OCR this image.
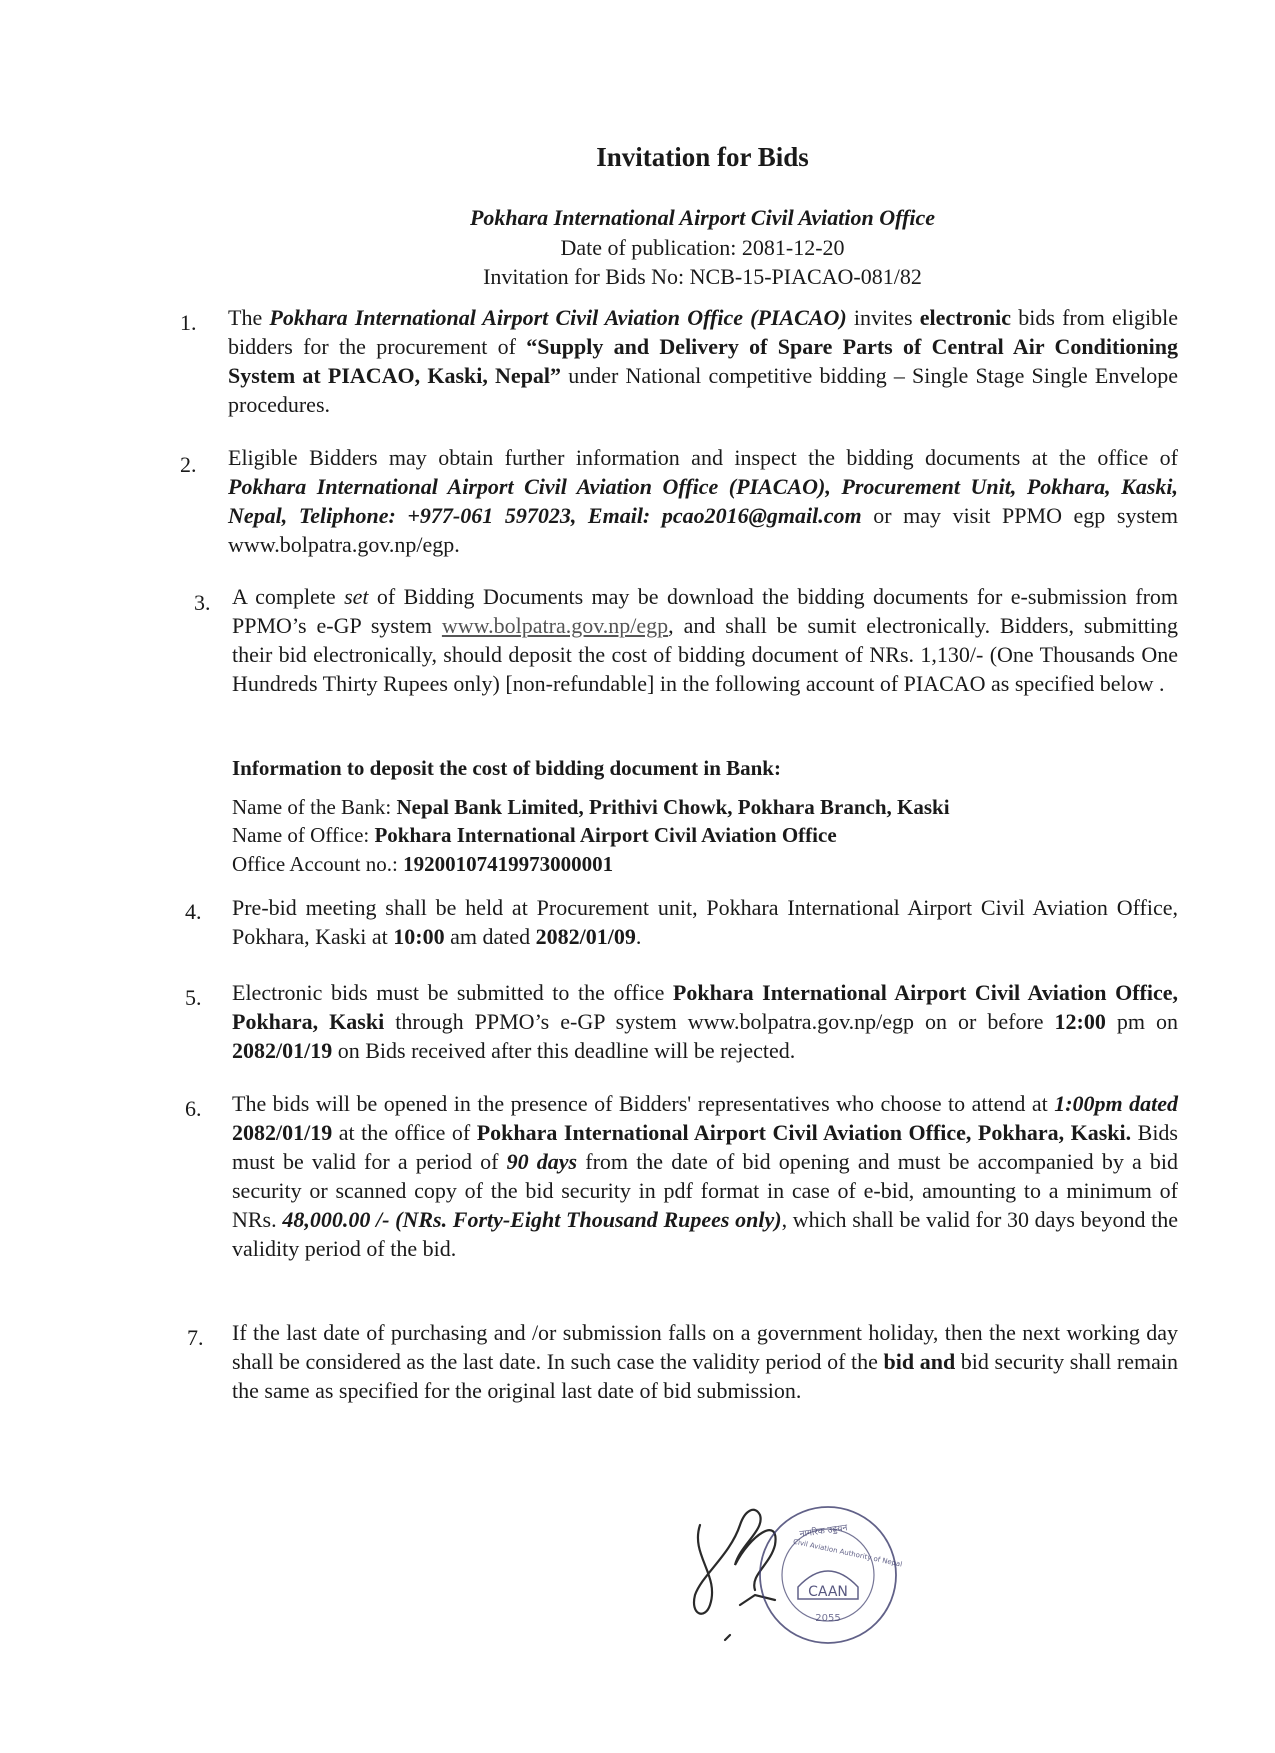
Invitation for Bids
Pokhara International Airport Civil Aviation Office
Date of publication: 2081-12-20
Invitation for Bids No: NCB-15-PIACAO-081/82
1. The Pokhara International Airport Civil Aviation Office (PIACAO) invites electronic bids from eligible bidders for the procurement of “Supply and Delivery of Spare Parts of Central Air Conditioning System at PIACAO, Kaski, Nepal” under National competitive bidding – Single Stage Single Envelope procedures.
2. Eligible Bidders may obtain further information and inspect the bidding documents at the office of Pokhara International Airport Civil Aviation Office (PIACAO), Procurement Unit, Pokhara, Kaski, Nepal, Teliphone: +977-061 597023, Email: pcao2016@gmail.com or may visit PPMO egp system www.bolpatra.gov.np/egp.
3. A complete set of Bidding Documents may be download the bidding documents for e-submission from PPMO’s e-GP system www.bolpatra.gov.np/egp, and shall be sumit electronically. Bidders, submitting their bid electronically, should deposit the cost of bidding document of NRs. 1,130/- (One Thousands One Hundreds Thirty Rupees only) [non-refundable] in the following account of PIACAO as specified below .
Information to deposit the cost of bidding document in Bank:
Name of the Bank: Nepal Bank Limited, Prithivi Chowk, Pokhara Branch, Kaski
Name of Office: Pokhara International Airport Civil Aviation Office
Office Account no.: 19200107419973000001
4. Pre-bid meeting shall be held at Procurement unit, Pokhara International Airport Civil Aviation Office, Pokhara, Kaski at 10:00 am dated 2082/01/09.
5. Electronic bids must be submitted to the office Pokhara International Airport Civil Aviation Office, Pokhara, Kaski through PPMO’s e-GP system www.bolpatra.gov.np/egp on or before 12:00 pm on 2082/01/19 on Bids received after this deadline will be rejected.
6. The bids will be opened in the presence of Bidders' representatives who choose to attend at 1:00pm dated 2082/01/19 at the office of Pokhara International Airport Civil Aviation Office, Pokhara, Kaski. Bids must be valid for a period of 90 days from the date of bid opening and must be accompanied by a bid security or scanned copy of the bid security in pdf format in case of e-bid, amounting to a minimum of NRs. 48,000.00 /- (NRs. Forty-Eight Thousand Rupees only), which shall be valid for 30 days beyond the validity period of the bid.
7. If the last date of purchasing and /or submission falls on a government holiday, then the next working day shall be considered as the last date. In such case the validity period of the bid and bid security shall remain the same as specified for the original last date of bid submission.
CAAN
2055
नागरिक उड्डयन
Civil Aviation Authority of Nepal
